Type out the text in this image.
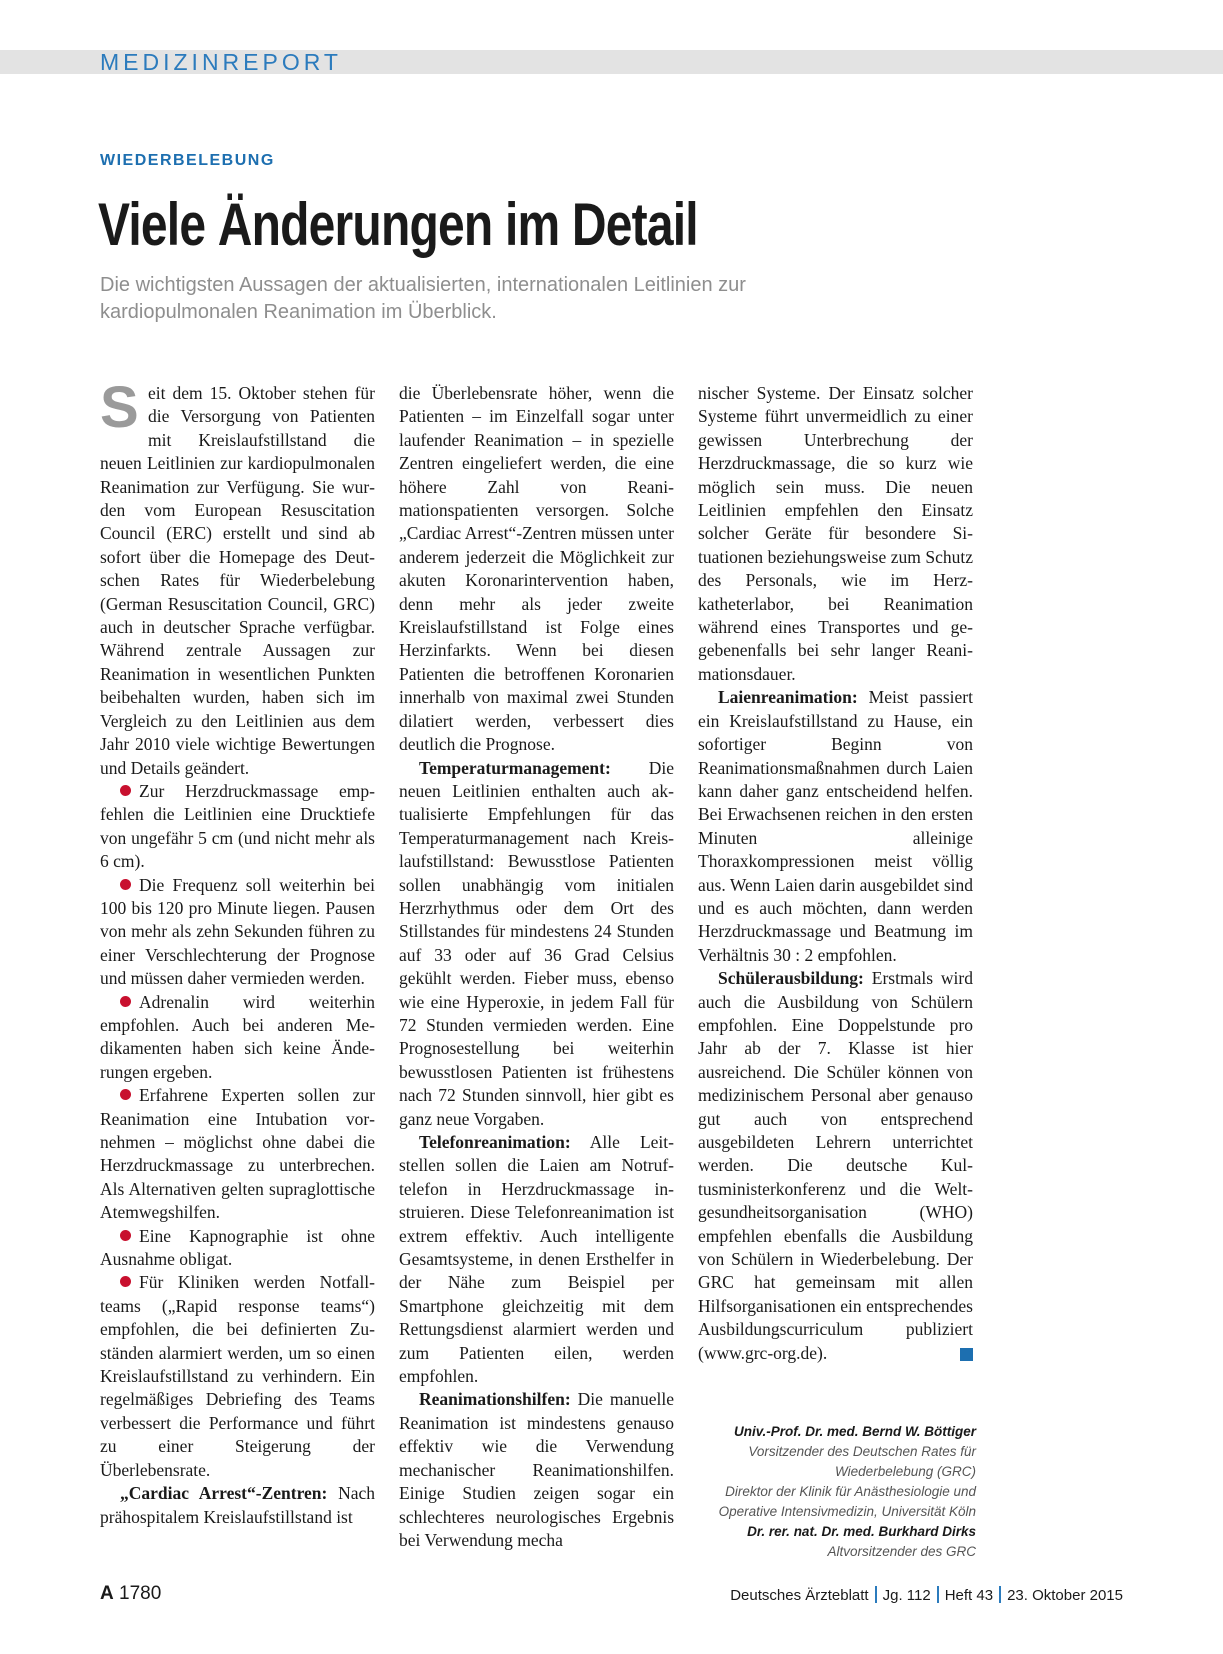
MEDIZINREPORT
WIEDERBELEBUNG
Viele Änderungen im Detail
Die wichtigsten Aussagen der aktualisierten, internationalen Leitlinien zur kardiopulmonalen Reanimation im Überblick.

Seit dem 15. Oktober stehen für die Versorgung von Patienten mit Kreislaufstillstand die neuen Leitlinien zur kardiopulmonalen Reanimation zur Verfügung. Sie wurden vom European Resuscitation Council (ERC) erstellt und sind ab sofort über die Homepage des Deutschen Rates für Wiederbelebung (German Resuscitation Council, GRC) auch in deutscher Sprache verfügbar. Während zentrale Aussagen zur Reanimation in wesentlichen Punkten beibehalten wurden, haben sich im Vergleich zu den Leitlinien aus dem Jahr 2010 viele wichtige Bewertungen und Details geändert.

Zur Herzdruckmassage empfehlen die Leitlinien eine Drucktiefe von ungefähr 5 cm (und nicht mehr als 6 cm).

Die Frequenz soll weiterhin bei 100 bis 120 pro Minute liegen. Pausen von mehr als zehn Sekunden führen zu einer Verschlechterung der Prognose und müssen daher vermieden werden.

Adrenalin wird weiterhin empfohlen. Auch bei anderen Medikamenten haben sich keine Änderungen ergeben.

Erfahrene Experten sollen zur Reanimation eine Intubation vornehmen – möglichst ohne dabei die Herzdruckmassage zu unterbrechen. Als Alternativen gelten supraglottische Atemwegshilfen.

Eine Kapnographie ist ohne Ausnahme obligat.

Für Kliniken werden Notfallteams („Rapid response teams“) empfohlen, die bei definierten Zuständen alarmiert werden, um so einen Kreislaufstillstand zu verhindern. Ein regelmäßiges Debriefing des Teams verbessert die Performance und führt zu einer Steigerung der Überlebensrate.

„Cardiac Arrest“-Zentren: Nach prähospitalem Kreislaufstillstand ist

die Überlebensrate höher, wenn die Patienten – im Einzelfall sogar unter laufender Reanimation – in spezielle Zentren eingeliefert werden, die eine höhere Zahl von Reanimationspatienten versorgen. Solche „Cardiac Arrest“-Zentren müssen unter anderem jederzeit die Möglichkeit zur akuten Koronarintervention haben, denn mehr als jeder zweite Kreislaufstillstand ist Folge eines Herzinfarkts. Wenn bei diesen Patienten die betroffenen Koronarien innerhalb von maximal zwei Stunden dilatiert werden, verbessert dies deutlich die Prognose.

Temperaturmanagement: Die neuen Leitlinien enthalten auch aktualisierte Empfehlungen für das Temperaturmanagement nach Kreislaufstillstand: Bewusstlose Patienten sollen unabhängig vom initialen Herzrhythmus oder dem Ort des Stillstandes für mindestens 24 Stunden auf 33 oder auf 36 Grad Celsius gekühlt werden. Fieber muss, ebenso wie eine Hyperoxie, in jedem Fall für 72 Stunden vermieden werden. Eine Prognosestellung bei weiterhin bewusstlosen Patienten ist frühestens nach 72 Stunden sinnvoll, hier gibt es ganz neue Vorgaben.

Telefonreanimation: Alle Leitstellen sollen die Laien am Notruftelefon in Herzdruckmassage instruieren. Diese Telefonreanimation ist extrem effektiv. Auch intelligente Gesamtsysteme, in denen Ersthelfer in der Nähe zum Beispiel per Smartphone gleichzeitig mit dem Rettungsdienst alarmiert werden und zum Patienten eilen, werden empfohlen.

Reanimationshilfen: Die manuelle Reanimation ist mindestens genauso effektiv wie die Verwendung mechanischer Reanimationshilfen. Einige Studien zeigen sogar ein schlechteres neurologisches Ergebnis bei Verwendung mecha

nischer Systeme. Der Einsatz solcher Systeme führt unvermeidlich zu einer gewissen Unterbrechung der Herzdruckmassage, die so kurz wie möglich sein muss. Die neuen Leitlinien empfehlen den Einsatz solcher Geräte für besondere Situationen beziehungsweise zum Schutz des Personals, wie im Herzkatheterlabor, bei Reanimation während eines Transportes und gegebenenfalls bei sehr langer Reanimationsdauer.

Laienreanimation: Meist passiert ein Kreislaufstillstand zu Hause, ein sofortiger Beginn von Reanimationsmaßnahmen durch Laien kann daher ganz entscheidend helfen. Bei Erwachsenen reichen in den ersten Minuten alleinige Thoraxkompressionen meist völlig aus. Wenn Laien darin ausgebildet sind und es auch möchten, dann werden Herzdruckmassage und Beatmung im Verhältnis 30 : 2 empfohlen.

Schülerausbildung: Erstmals wird auch die Ausbildung von Schülern empfohlen. Eine Doppelstunde pro Jahr ab der 7. Klasse ist hier ausreichend. Die Schüler können von medizinischem Personal aber genauso gut auch von entsprechend ausgebildeten Lehrern unterrichtet werden. Die deutsche Kultusministerkonferenz und die Weltgesundheitsorganisation (WHO) empfehlen ebenfalls die Ausbildung von Schülern in Wiederbelebung. Der GRC hat gemeinsam mit allen Hilfsorganisationen ein entsprechendes Ausbildungscurriculum publiziert (www.grc-org.de).

Univ.-Prof. Dr. med. Bernd W. Böttiger
Vorsitzender des Deutschen Rates für
Wiederbelebung (GRC)
Direktor der Klinik für Anästhesiologie und
Operative Intensivmedizin, Universität Köln
Dr. rer. nat. Dr. med. Burkhard Dirks
Altvorsitzender des GRC
A 1780	Deutsches Ärzteblatt Jg. 112 Heft 43 23. Oktober 2015
